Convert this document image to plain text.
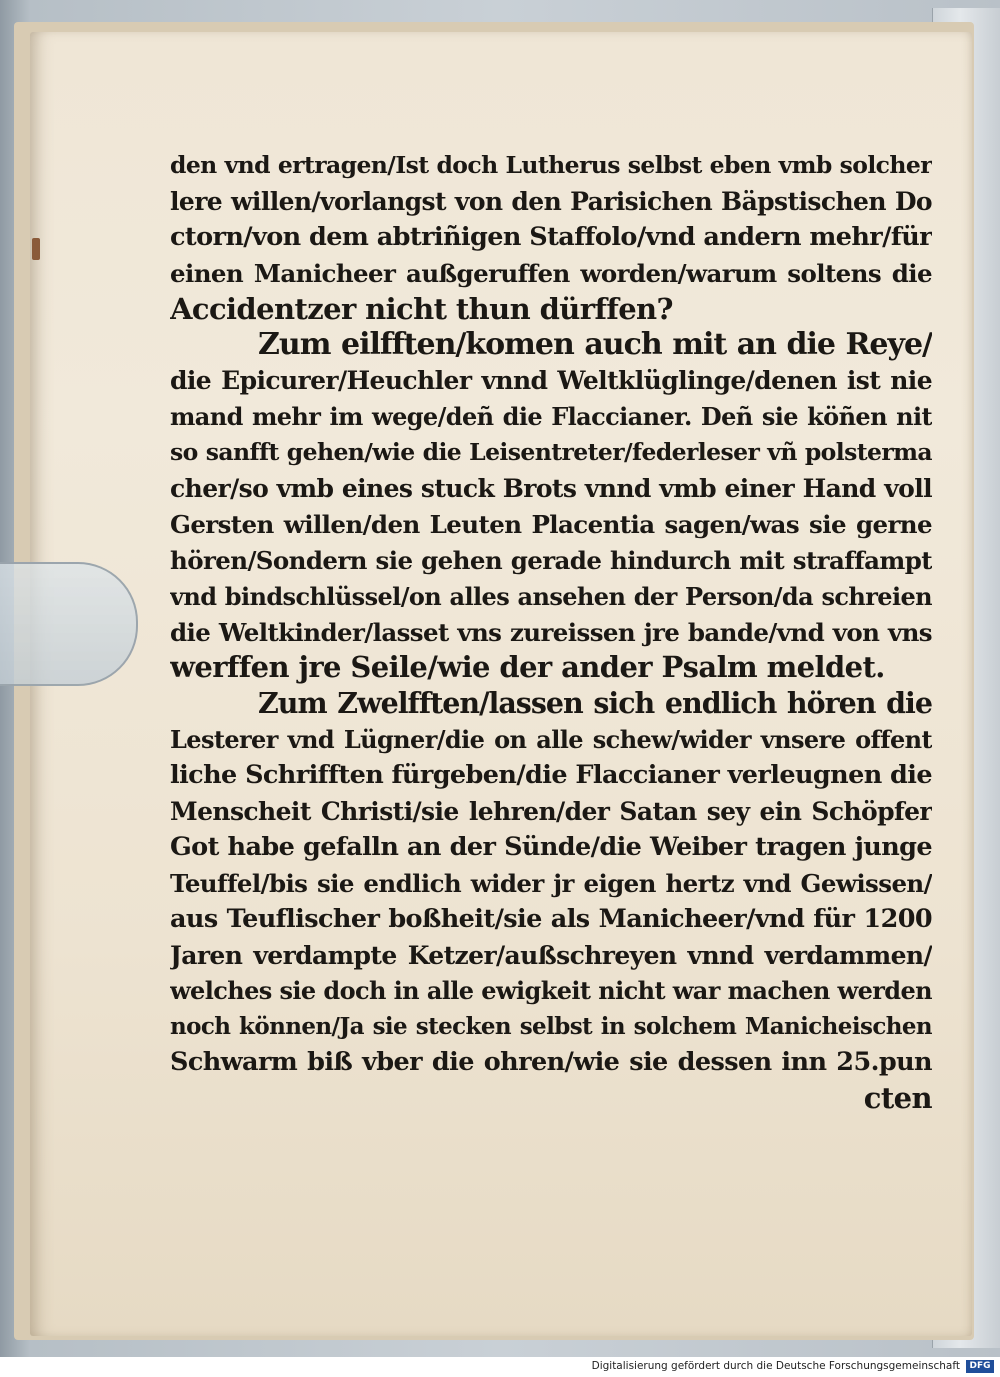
den vnd ertragen/Ist doch Lutherus selbst eben vmb solcher
lere willen/vorlangst von den Parisichen Bäpstischen Do
ctorn/von dem abtriñigen Staffolo/vnd andern mehr/für
einen Manicheer außgeruffen worden/warum soltens die
Accidentzer nicht thun dürffen?
Zum eilfften/komen auch mit an die Reye/
die Epicurer/Heuchler vnnd Weltklüglinge/denen ist nie
mand mehr im wege/deñ die Flaccianer. Deñ sie köñen nit
so sanfft gehen/wie die Leisentreter/federleser vñ polsterma
cher/so vmb eines stuck Brots vnnd vmb einer Hand voll
Gersten willen/den Leuten Placentia sagen/was sie gerne
hören/Sondern sie gehen gerade hindurch mit straffampt
vnd bindschlüssel/on alles ansehen der Person/da schreien
die Weltkinder/lasset vns zureissen jre bande/vnd von vns
werffen jre Seile/wie der ander Psalm meldet.
Zum Zwelfften/lassen sich endlich hören die
Lesterer vnd Lügner/die on alle schew/wider vnsere offent
liche Schrifften fürgeben/die Flaccianer verleugnen die
Menscheit Christi/sie lehren/der Satan sey ein Schöpfer
Got habe gefalln an der Sünde/die Weiber tragen junge
Teuffel/bis sie endlich wider jr eigen hertz vnd Gewissen/
aus Teuflischer boßheit/sie als Manicheer/vnd für 1200
Jaren verdampte Ketzer/außschreyen vnnd verdammen/
welches sie doch in alle ewigkeit nicht war machen werden
noch können/Ja sie stecken selbst in solchem Manicheischen
Schwarm biß vber die ohren/wie sie dessen inn 25.pun
cten
Digitalisierung gefördert durch die Deutsche Forschungsgemeinschaft	DFG
